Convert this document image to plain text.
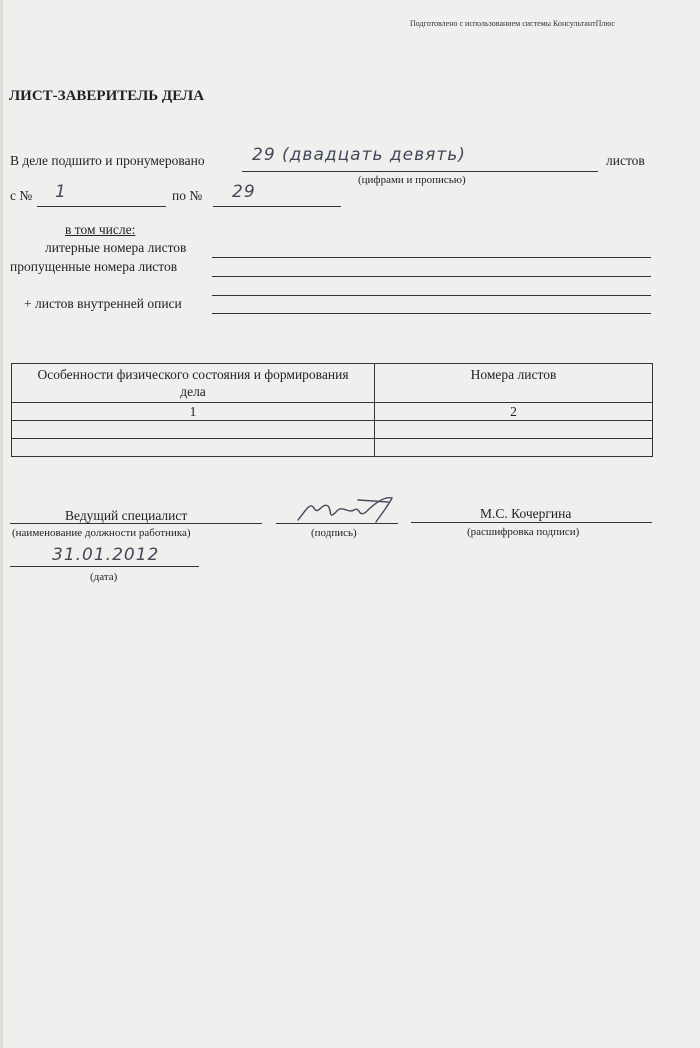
Подготовлено с использованием системы КонсультантПлюс
ЛИСТ-ЗАВЕРИТЕЛЬ ДЕЛА
В деле подшито и пронумеровано	29 (двадцать девять)	листов
(цифрами и прописью)
с № 1	по № 29
в том числе:
литерные номера листов
пропущенные номера листов
+ листов внутренней описи
Особенности физического состояния и формирования дела	Номера листов
1	2

Ведущий специалист
(наименование должности работника)	(подпись)
М.С. Кочергина
(расшифровка подписи)
31.01.2012
(дата)
